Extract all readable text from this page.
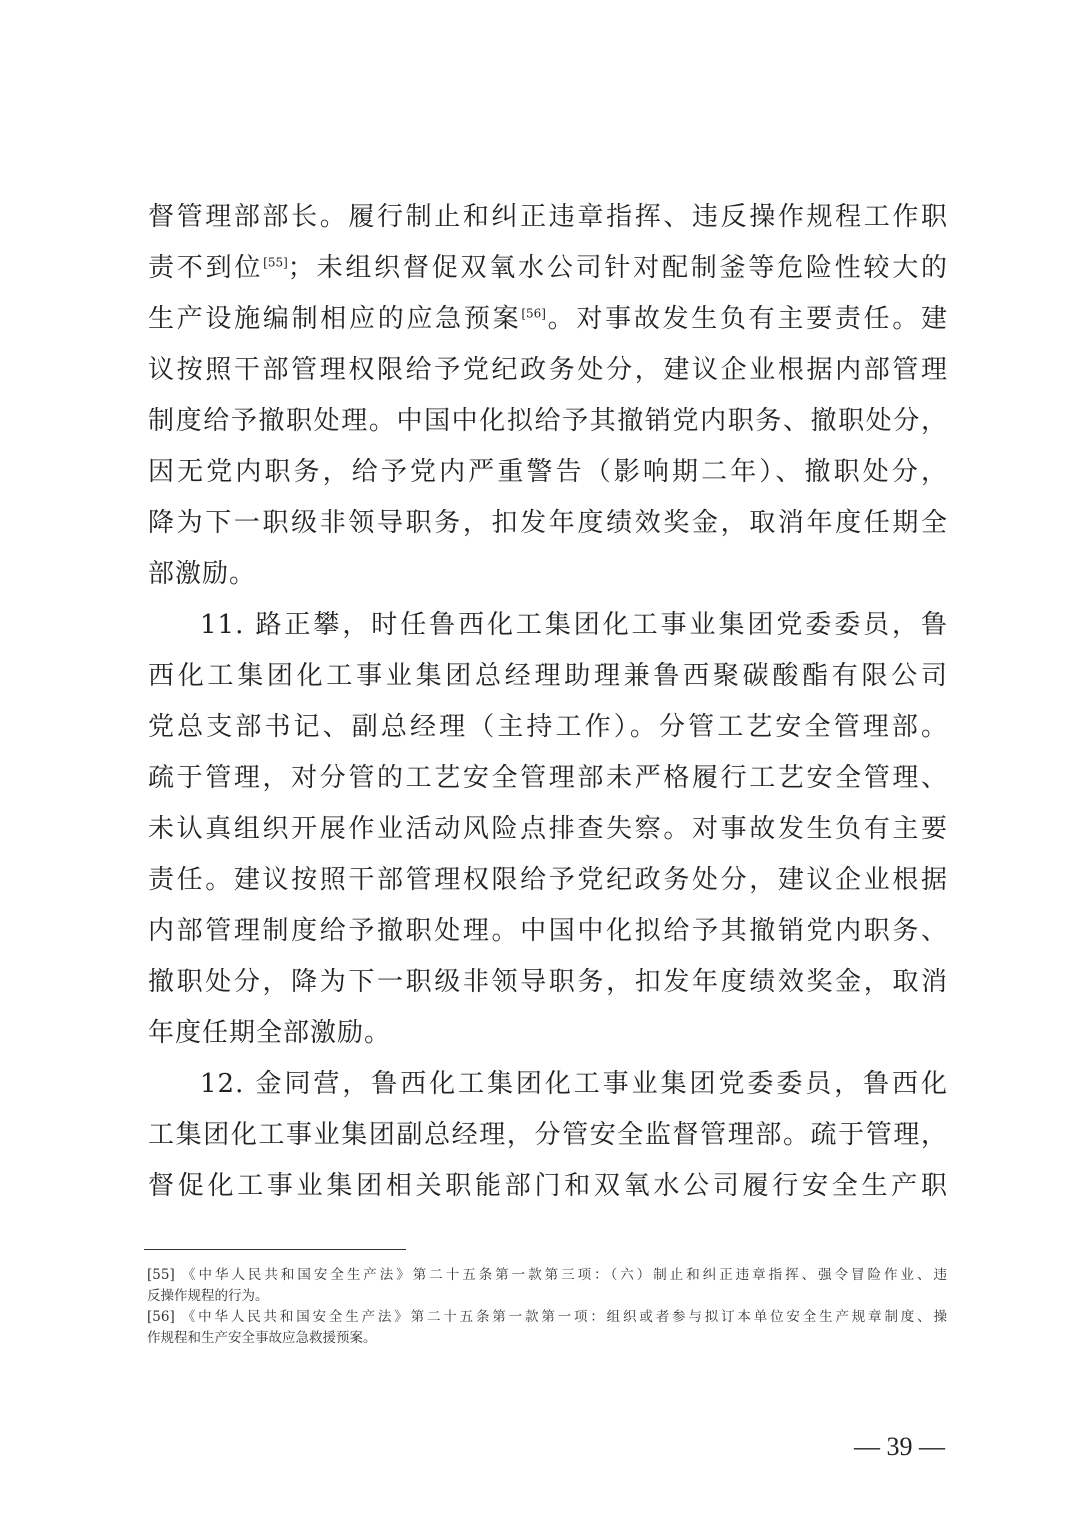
督管理部部长。履行制止和纠正违章指挥、违反操作规程工作职
责不到位[55]；未组织督促双氧水公司针对配制釜等危险性较大的
生产设施编制相应的应急预案[56]。对事故发生负有主要责任。建
议按照干部管理权限给予党纪政务处分，建议企业根据内部管理
制度给予撤职处理。中国中化拟给予其撤销党内职务、撤职处分，
因无党内职务，给予党内严重警告（影响期二年）、撤职处分，
降为下一职级非领导职务，扣发年度绩效奖金，取消年度任期全
部激励。
11. 路正攀，时任鲁西化工集团化工事业集团党委委员，鲁
西化工集团化工事业集团总经理助理兼鲁西聚碳酸酯有限公司
党总支部书记、副总经理（主持工作）。分管工艺安全管理部。
疏于管理，对分管的工艺安全管理部未严格履行工艺安全管理、
未认真组织开展作业活动风险点排查失察。对事故发生负有主要
责任。建议按照干部管理权限给予党纪政务处分，建议企业根据
内部管理制度给予撤职处理。中国中化拟给予其撤销党内职务、
撤职处分，降为下一职级非领导职务，扣发年度绩效奖金，取消
年度任期全部激励。
12. 金同营，鲁西化工集团化工事业集团党委委员，鲁西化
工集团化工事业集团副总经理，分管安全监督管理部。疏于管理，
督促化工事业集团相关职能部门和双氧水公司履行安全生产职
[55] 《中华人民共和国安全生产法》第二十五条第一款第三项：（六）制止和纠正违章指挥、强令冒险作业、违
反操作规程的行为。
[56] 《中华人民共和国安全生产法》第二十五条第一款第一项：组织或者参与拟订本单位安全生产规章制度、操
作规程和生产安全事故应急救援预案。
— 39 —
